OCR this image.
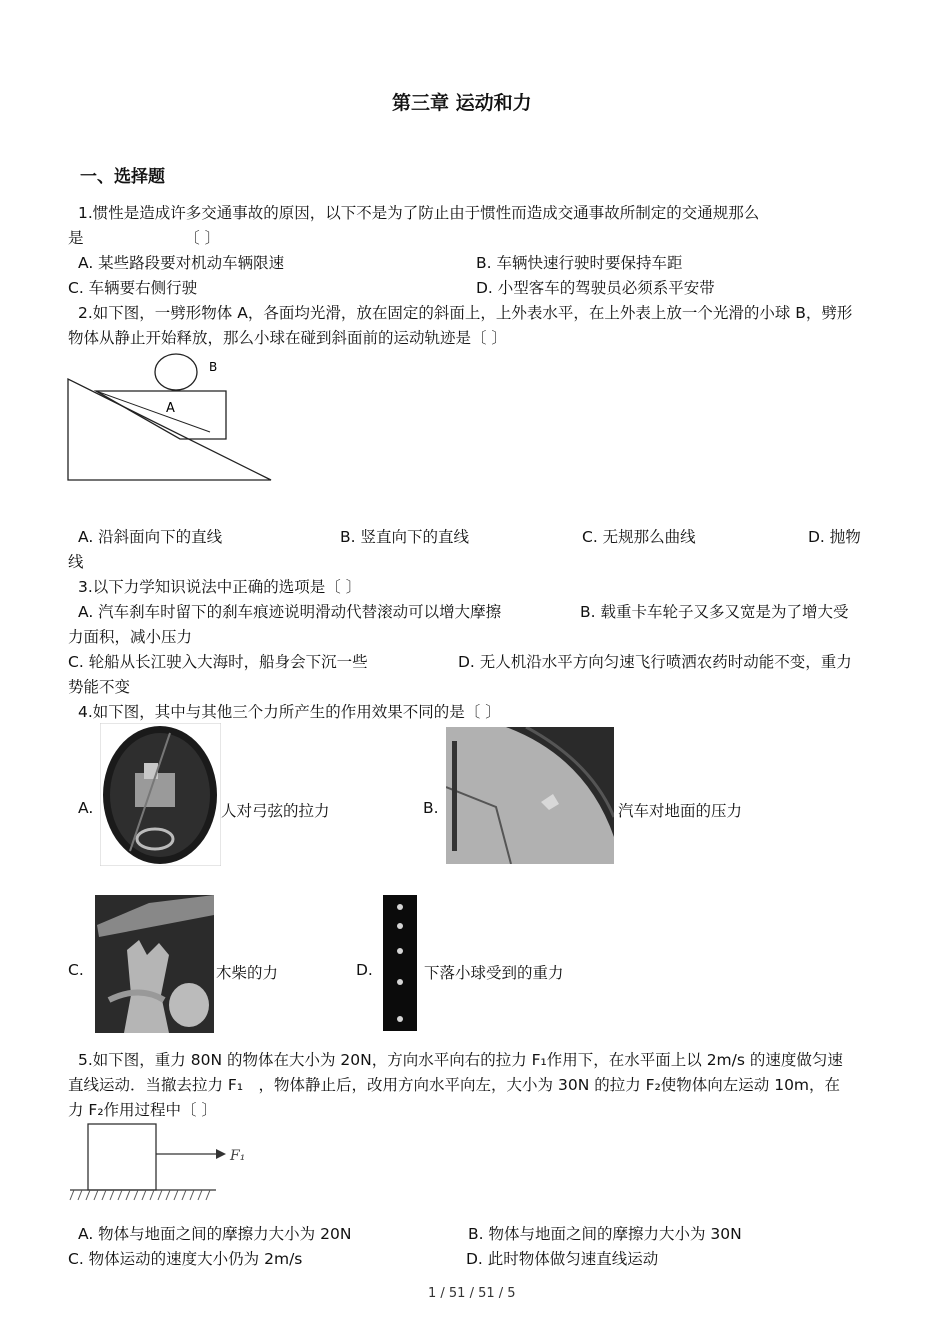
第三章 运动和力
一、选择题
1.惯性是造成许多交通事故的原因，以下不是为了防止由于惯性而造成交通事故所制定的交通规那么
是　　　　　　　〔 〕
A. 某些路段要对机动车辆限速	B. 车辆快速行驶时要保持车距
C. 车辆要右侧行驶	D. 小型客车的驾驶员必须系平安带
2.如下图，一劈形物体 A，各面均光滑，放在固定的斜面上，上外表水平，在上外表上放一个光滑的小球 B，劈形
物体从静止开始释放，那么小球在碰到斜面前的运动轨迹是〔 〕
A
B
A. 沿斜面向下的直线	B. 竖直向下的直线	C. 无规那么曲线	D. 抛物
线
3.以下力学知识说法中正确的选项是〔 〕
A. 汽车刹车时留下的刹车痕迹说明滑动代替滚动可以增大摩擦	B. 载重卡车轮子又多又宽是为了增大受
力面积，减小压力
C. 轮船从长江驶入大海时，船身会下沉一些	D. 无人机沿水平方向匀速飞行喷洒农药时动能不变，重力
势能不变
4.如下图，其中与其他三个力所产生的作用效果不同的是〔 〕
A.	人对弓弦的拉力	B.	汽车对地面的压力
C.	木柴的力	D.	下落小球受到的重力
5.如下图，重力 80N 的物体在大小为 20N，方向水平向右的拉力 F₁作用下，在水平面上以 2m/s 的速度做匀速
直线运动．当撤去拉力 F₁　，物体静止后，改用方向水平向左，大小为 30N 的拉力 F₂使物体向左运动 10m，在
力 F₂作用过程中〔 〕
F₁
A. 物体与地面之间的摩擦力大小为 20N	B. 物体与地面之间的摩擦力大小为 30N
C. 物体运动的速度大小仍为 2m/s	D. 此时物体做匀速直线运动
1 / 51 / 51 / 5
